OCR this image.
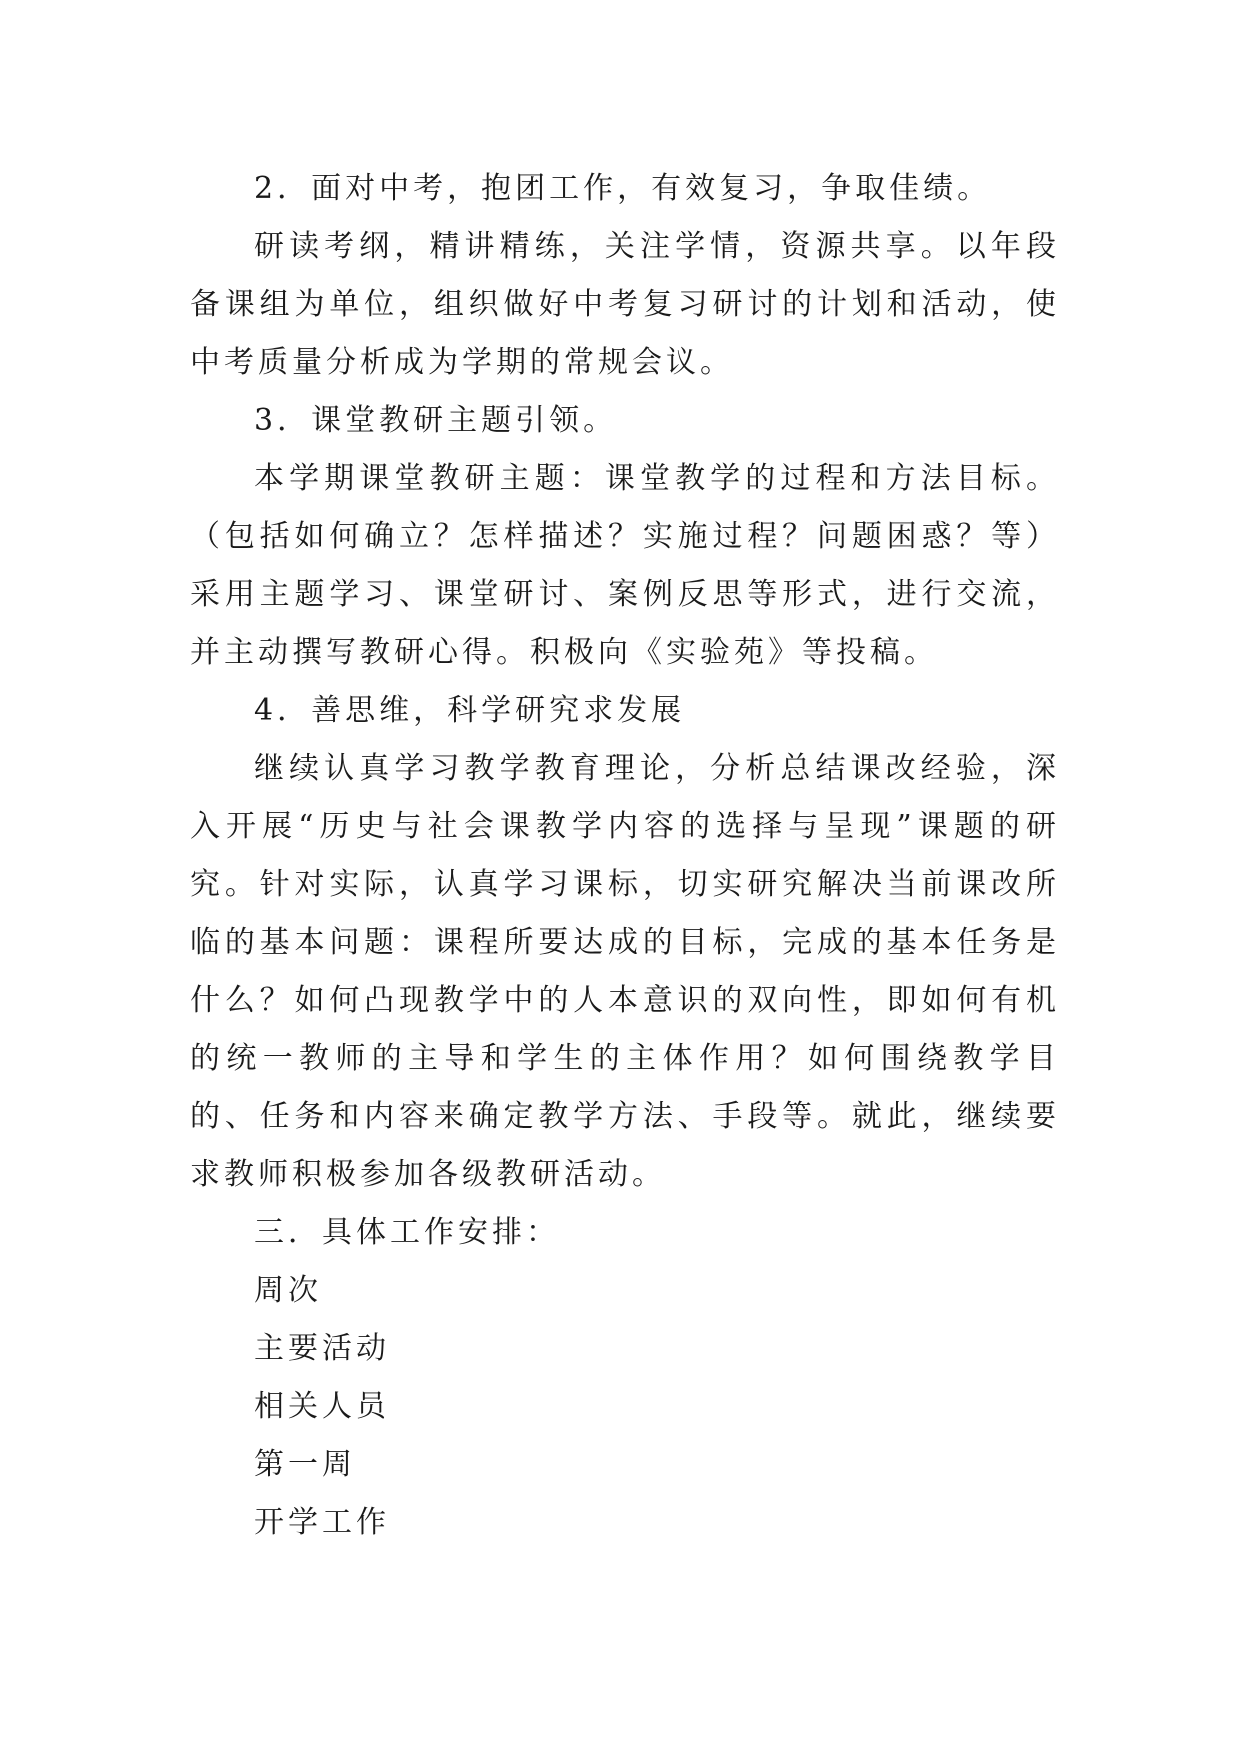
2．面对中考，抱团工作，有效复习，争取佳绩。

研读考纲，精讲精练，关注学情，资源共享。以年段备课组为单位，组织做好中考复习研讨的计划和活动，使中考质量分析成为学期的常规会议。

3．课堂教研主题引领。

本学期课堂教研主题：课堂教学的过程和方法目标。（包括如何确立？怎样描述？实施过程？问题困惑？等）采用主题学习、课堂研讨、案例反思等形式，进行交流，并主动撰写教研心得。积极向《实验苑》等投稿。

4．善思维，科学研究求发展

继续认真学习教学教育理论，分析总结课改经验，深入开展“历史与社会课教学内容的选择与呈现”课题的研究。针对实际，认真学习课标，切实研究解决当前课改所临的基本问题：课程所要达成的目标，完成的基本任务是什么？如何凸现教学中的人本意识的双向性，即如何有机的统一教师的主导和学生的主体作用？如何围绕教学目的、任务和内容来确定教学方法、手段等。就此，继续要求教师积极参加各级教研活动。

三．具体工作安排：

周次

主要活动

相关人员

第一周

开学工作
